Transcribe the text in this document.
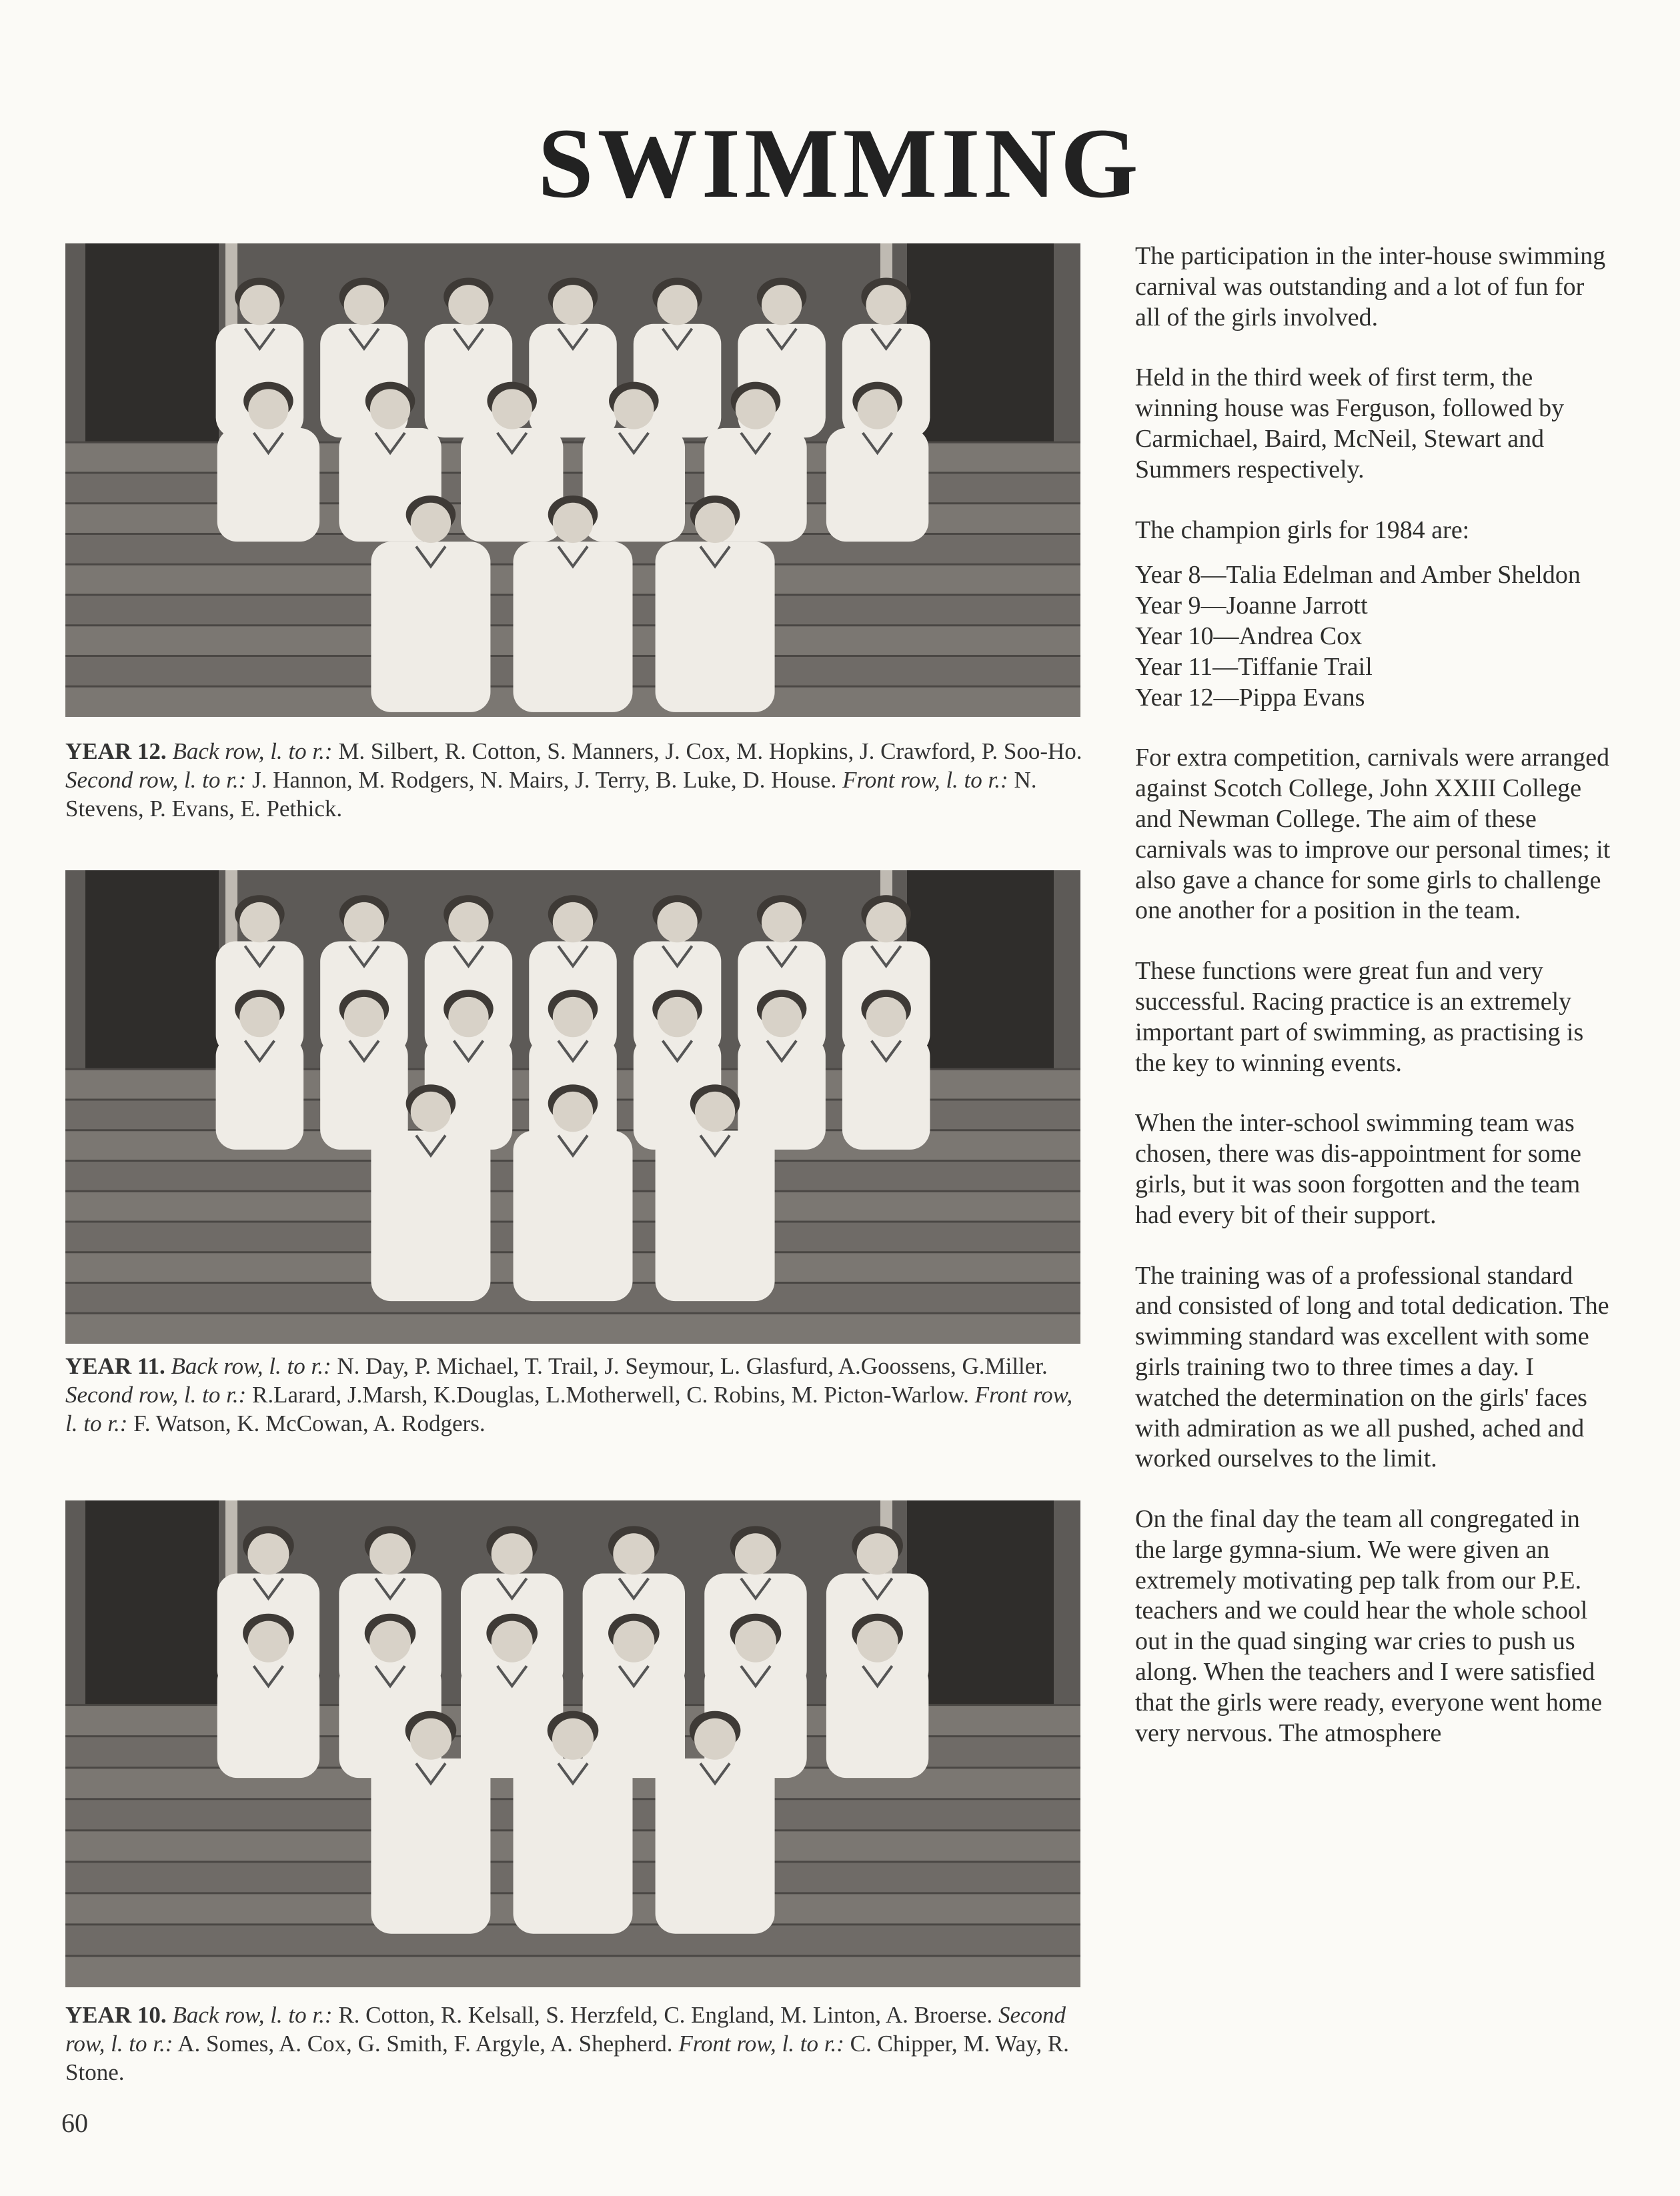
SWIMMING
YEAR 12. Back row, l. to r.: M. Silbert, R. Cotton, S. Manners, J. Cox, M. Hopkins, J. Crawford, P. Soo-Ho. Second row, l. to r.: J. Hannon, M. Rodgers, N. Mairs, J. Terry, B. Luke, D. House. Front row, l. to r.: N. Stevens, P. Evans, E. Pethick.
YEAR 11. Back row, l. to r.: N. Day, P. Michael, T. Trail, J. Seymour, L. Glasfurd, A.Goossens, G.Miller. Second row, l. to r.: R.Larard, J.Marsh, K.Douglas, L.Motherwell, C. Robins, M. Picton-Warlow. Front row, l. to r.: F. Watson, K. McCowan, A. Rodgers.
YEAR 10. Back row, l. to r.: R. Cotton, R. Kelsall, S. Herzfeld, C. England, M. Linton, A. Broerse. Second row, l. to r.: A. Somes, A. Cox, G. Smith, F. Argyle, A. Shepherd. Front row, l. to r.: C. Chipper, M. Way, R. Stone.

The participation in the inter-house swimming carnival was outstanding and a lot of fun for all of the girls involved.

Held in the third week of first term, the winning house was Ferguson, followed by Carmichael, Baird, McNeil, Stewart and Summers respectively.

The champion girls for 1984 are:

Year 8—Talia Edelman and Amber Sheldon
Year 9—Joanne Jarrott
Year 10—Andrea Cox
Year 11—Tiffanie Trail
Year 12—Pippa Evans

For extra competition, carnivals were arranged against Scotch College, John XXIII College and Newman College. The aim of these carnivals was to improve our personal times; it also gave a chance for some girls to challenge one another for a position in the team.

These functions were great fun and very successful. Racing practice is an extremely important part of swimming, as practising is the key to winning events.

When the inter-school swimming team was chosen, there was dis-appointment for some girls, but it was soon forgotten and the team had every bit of their support.

The training was of a professional standard and consisted of long and total dedication. The swimming standard was excellent with some girls training two to three times a day. I watched the determination on the girls' faces with admiration as we all pushed, ached and worked ourselves to the limit.

On the final day the team all congregated in the large gymna-sium. We were given an extremely motivating pep talk from our P.E. teachers and we could hear the whole school out in the quad singing war cries to push us along. When the teachers and I were satisfied that the girls were ready, everyone went home very nervous. The atmosphere

60
